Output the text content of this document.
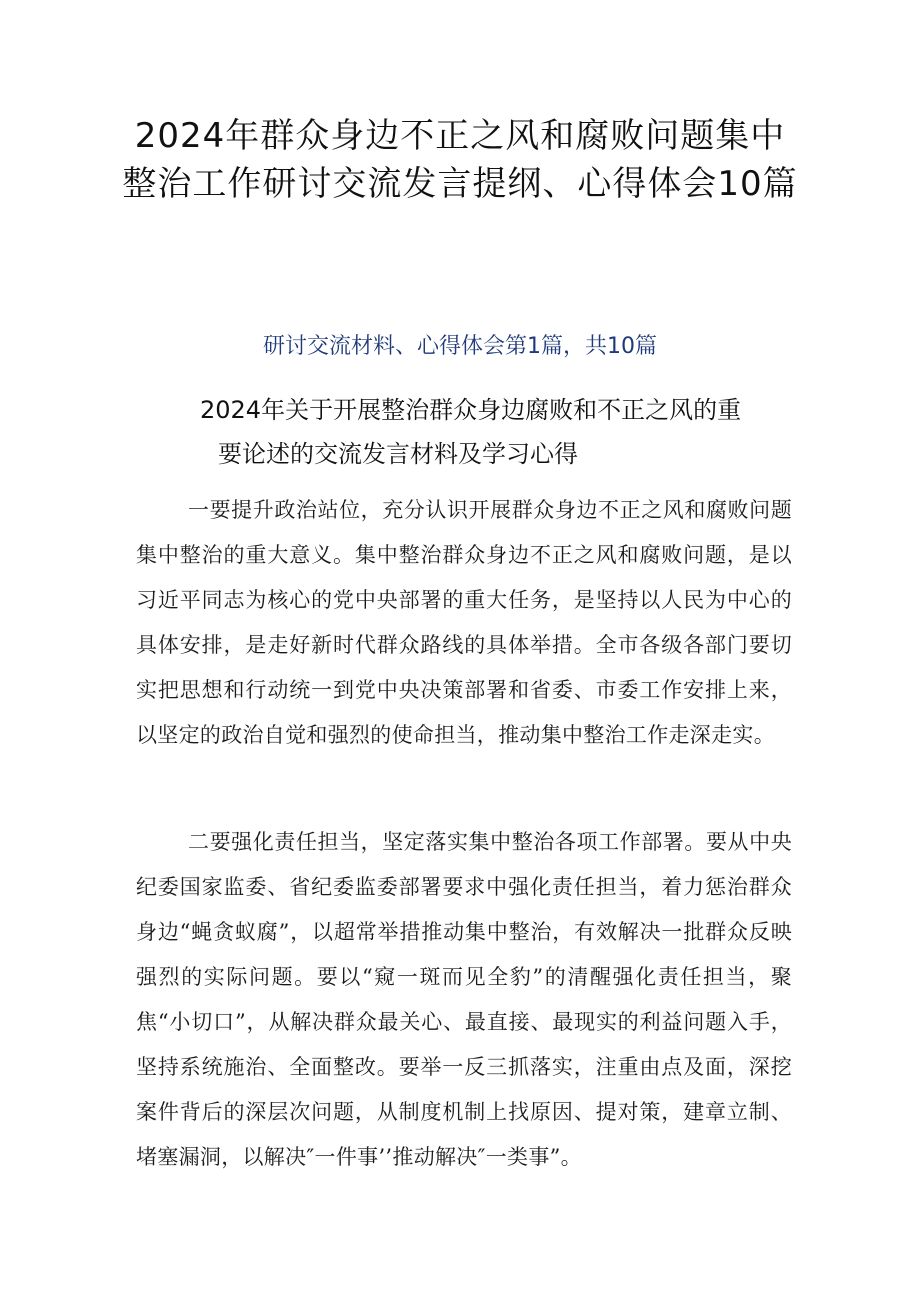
2024年群众身边不正之风和腐败问题集中整治工作研讨交流发言提纲、心得体会10篇
研讨交流材料、心得体会第1篇，共10篇
2024年关于开展整治群众身边腐败和不正之风的重
要论述的交流发言材料及学习心得

一要提升政治站位，充分认识开展群众身边不正之风和腐败问题集中整治的重大意义。集中整治群众身边不正之风和腐败问题，是以习近平同志为核心的党中央部署的重大任务，是坚持以人民为中心的具体安排，是走好新时代群众路线的具体举措。全市各级各部门要切实把思想和行动统一到党中央决策部署和省委、市委工作安排上来，以坚定的政治自觉和强烈的使命担当，推动集中整治工作走深走实。

二要强化责任担当，坚定落实集中整治各项工作部署。要从中央纪委国家监委、省纪委监委部署要求中强化责任担当，着力惩治群众身边“蝇贪蚁腐”，以超常举措推动集中整治，有效解决一批群众反映强烈的实际问题。要以“窥一斑而见全豹”的清醒强化责任担当，聚焦“小切口”，从解决群众最关心、最直接、最现实的利益问题入手，坚持系统施治、全面整改。要举一反三抓落实，注重由点及面，深挖案件背后的深层次问题，从制度机制上找原因、提对策，建章立制、堵塞漏洞，以解决″一件事’’推动解决″一类事”。
